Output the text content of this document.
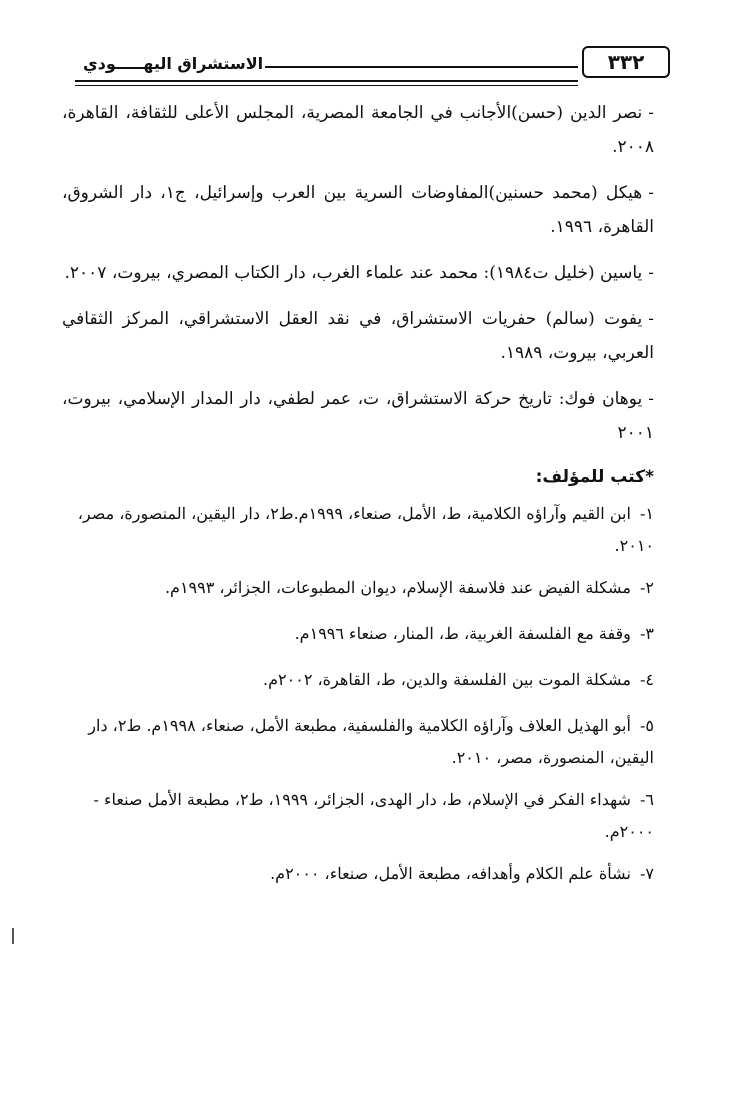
٣٣٢
الاستشراق اليهـــــودي

-نصر الدين (حسن)الأجانب في الجامعة المصرية، المجلس الأعلى للثقافة، القاهرة، ٢٠٠٨.

-هيكل (محمد حسنين)المفاوضات السرية بين العرب وإسرائيل، ج١، دار الشروق، القاهرة، ١٩٩٦.

-ياسين (خليل ت١٩٨٤): محمد عند علماء الغرب، دار الكتاب المصري، بيروت، ٢٠٠٧.

-يفوت (سالم) حفريات الاستشراق، في نقد العقل الاستشراقي، المركز الثقافي العربي، بيروت، ١٩٨٩.

-يوهان فوك: تاريخ حركة الاستشراق، ت، عمر لطفي، دار المدار الإسلامي، بيروت، ٢٠٠١

*كتب للمؤلف:

١- ابن القيم وآراؤه الكلامية، ط، الأمل، صنعاء، ١٩٩٩م.ط٢، دار اليقين، المنصورة، مصر، ٢٠١٠.

٢- مشكلة الفيض عند فلاسفة الإسلام، ديوان المطبوعات، الجزائر، ١٩٩٣م.

٣- وقفة مع الفلسفة الغربية، ط، المنار، صنعاء ١٩٩٦م.

٤- مشكلة الموت بين الفلسفة والدين، ط، القاهرة، ٢٠٠٢م.

٥- أبو الهذيل العلاف وآراؤه الكلامية والفلسفية، مطبعة الأمل، صنعاء، ١٩٩٨م. ط٢، دار اليقين، المنصورة، مصر، ٢٠١٠.

٦- شهداء الفكر في الإسلام، ط، دار الهدى، الجزائر، ١٩٩٩، ط٢، مطبعة الأمل صنعاء - ٢٠٠٠م.

٧- نشأة علم الكلام وأهدافه، مطبعة الأمل، صنعاء، ٢٠٠٠م.
